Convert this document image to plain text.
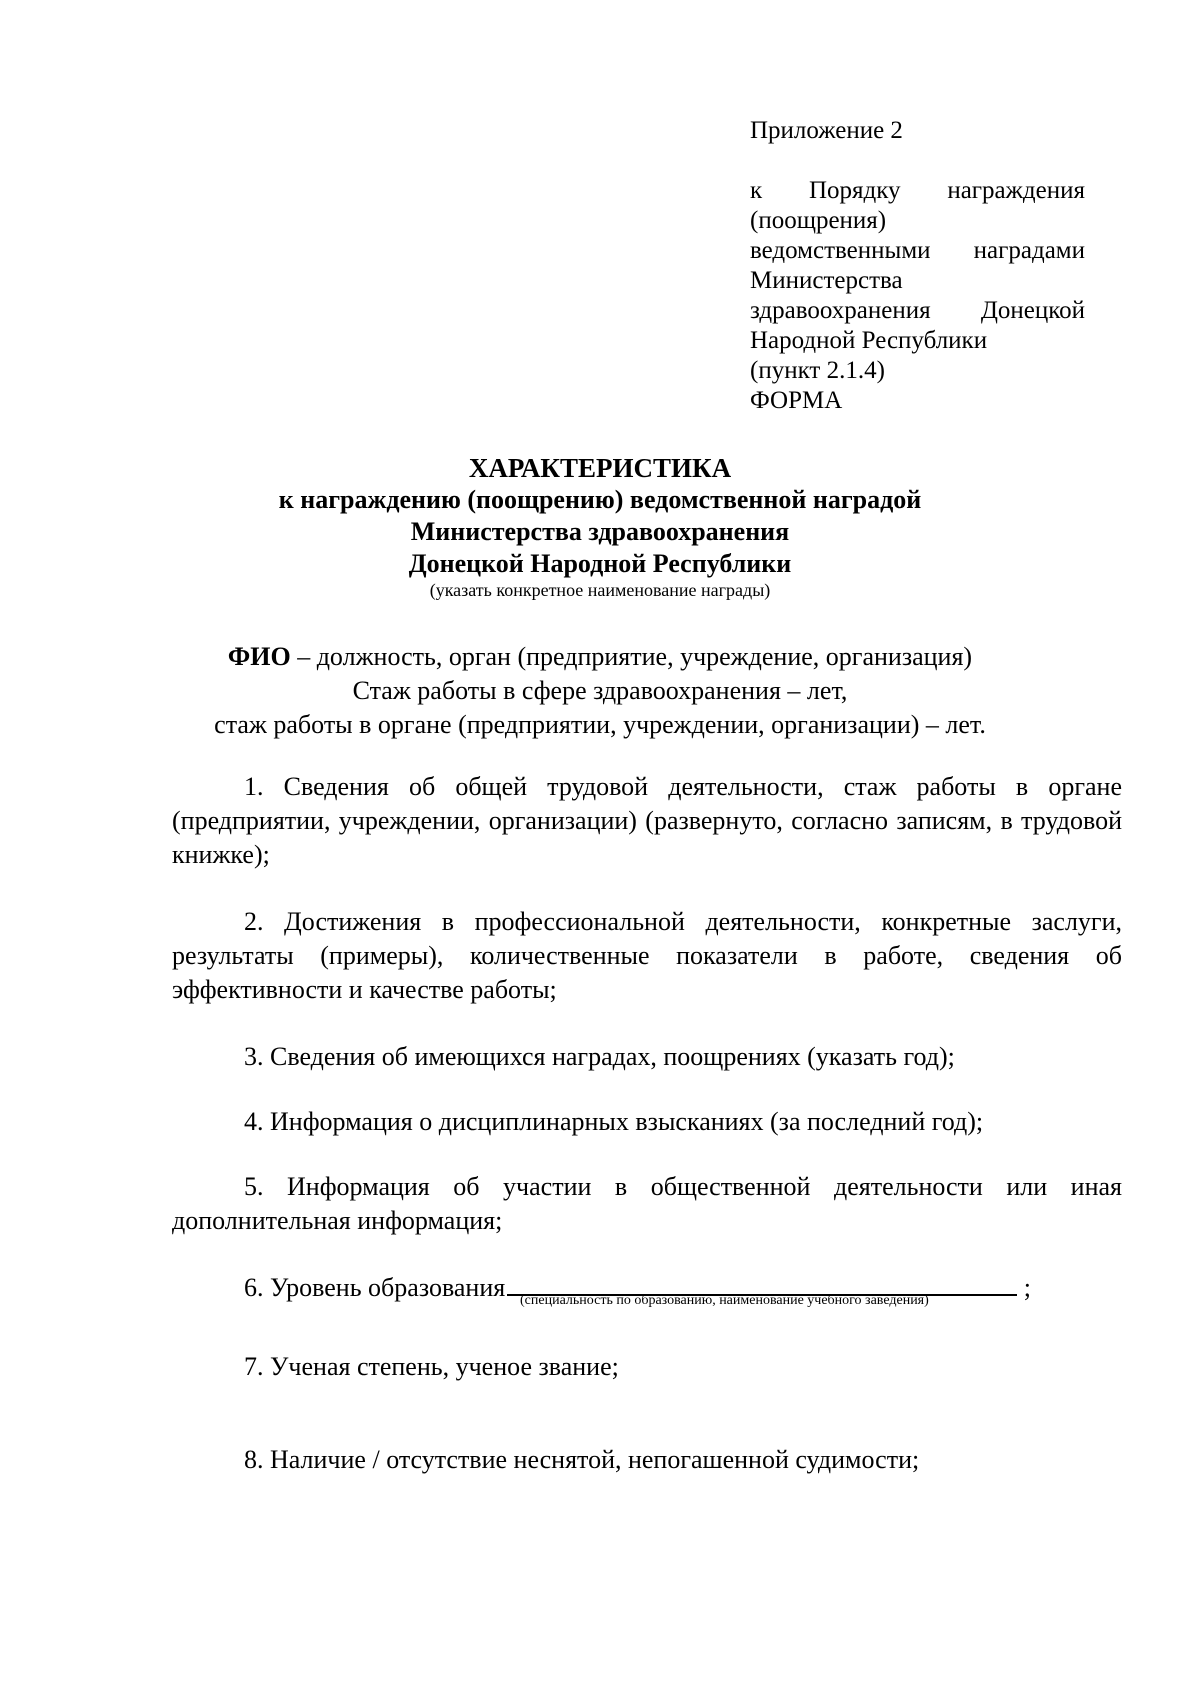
Приложение 2

к Порядку награждения
(поощрения)
ведомственными наградами
Министерства
здравоохранения Донецкой
Народной Республики
(пункт 2.1.4)
ФОРМА

ХАРАКТЕРИСТИКА

к награждению (поощрению) ведомственной наградой

Министерства здравоохранения

Донецкой Народной Республики

(указать конкретное наименование награды)

ФИО – должность, орган (предприятие, учреждение, организация)
Стаж работы в сфере здравоохранения – лет,
стаж работы в органе (предприятии, учреждении, организации) – лет.

1. Сведения об общей трудовой деятельности, стаж работы в органе (предприятии, учреждении, организации) (развернуто, согласно записям, в трудовой книжке);

2. Достижения в профессиональной деятельности, конкретные заслуги, результаты (примеры), количественные показатели в работе, сведения об эффективности и качестве работы;

3. Сведения об имеющихся наградах, поощрениях (указать год);

4. Информация о дисциплинарных взысканиях (за последний год);

5. Информация об участии в общественной деятельности или иная дополнительная информация;

6. Уровень образования	;

7. Ученая степень, ученое звание;

8. Наличие / отсутствие неснятой, непогашенной судимости;

(специальность по образованию, наименование учебного заведения)
